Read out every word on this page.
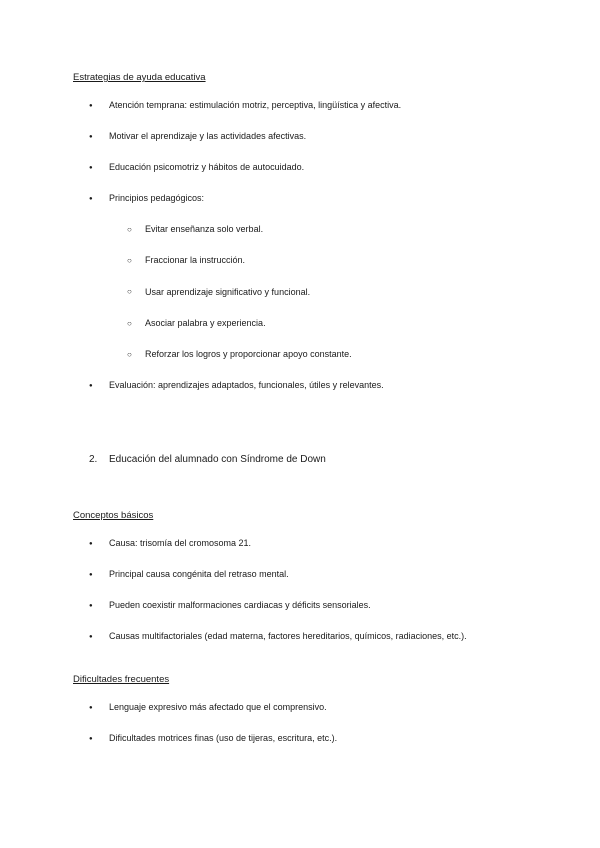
Estrategias de ayuda educativa
● Atención temprana: estimulación motriz, perceptiva, lingüística y afectiva.
● Motivar el aprendizaje y las actividades afectivas.
● Educación psicomotriz y hábitos de autocuidado.
● Principios pedagógicos:
○ Evitar enseñanza solo verbal.
○ Fraccionar la instrucción.
○ Usar aprendizaje significativo y funcional.
○ Asociar palabra y experiencia.
○ Reforzar los logros y proporcionar apoyo constante.
● Evaluación: aprendizajes adaptados, funcionales, útiles y relevantes.
2. Educación del alumnado con Síndrome de Down
Conceptos básicos
● Causa: trisomía del cromosoma 21.
● Principal causa congénita del retraso mental.
● Pueden coexistir malformaciones cardiacas y déficits sensoriales.
● Causas multifactoriales (edad materna, factores hereditarios, químicos, radiaciones, etc.).
Dificultades frecuentes
● Lenguaje expresivo más afectado que el comprensivo.
● Dificultades motrices finas (uso de tijeras, escritura, etc.).
